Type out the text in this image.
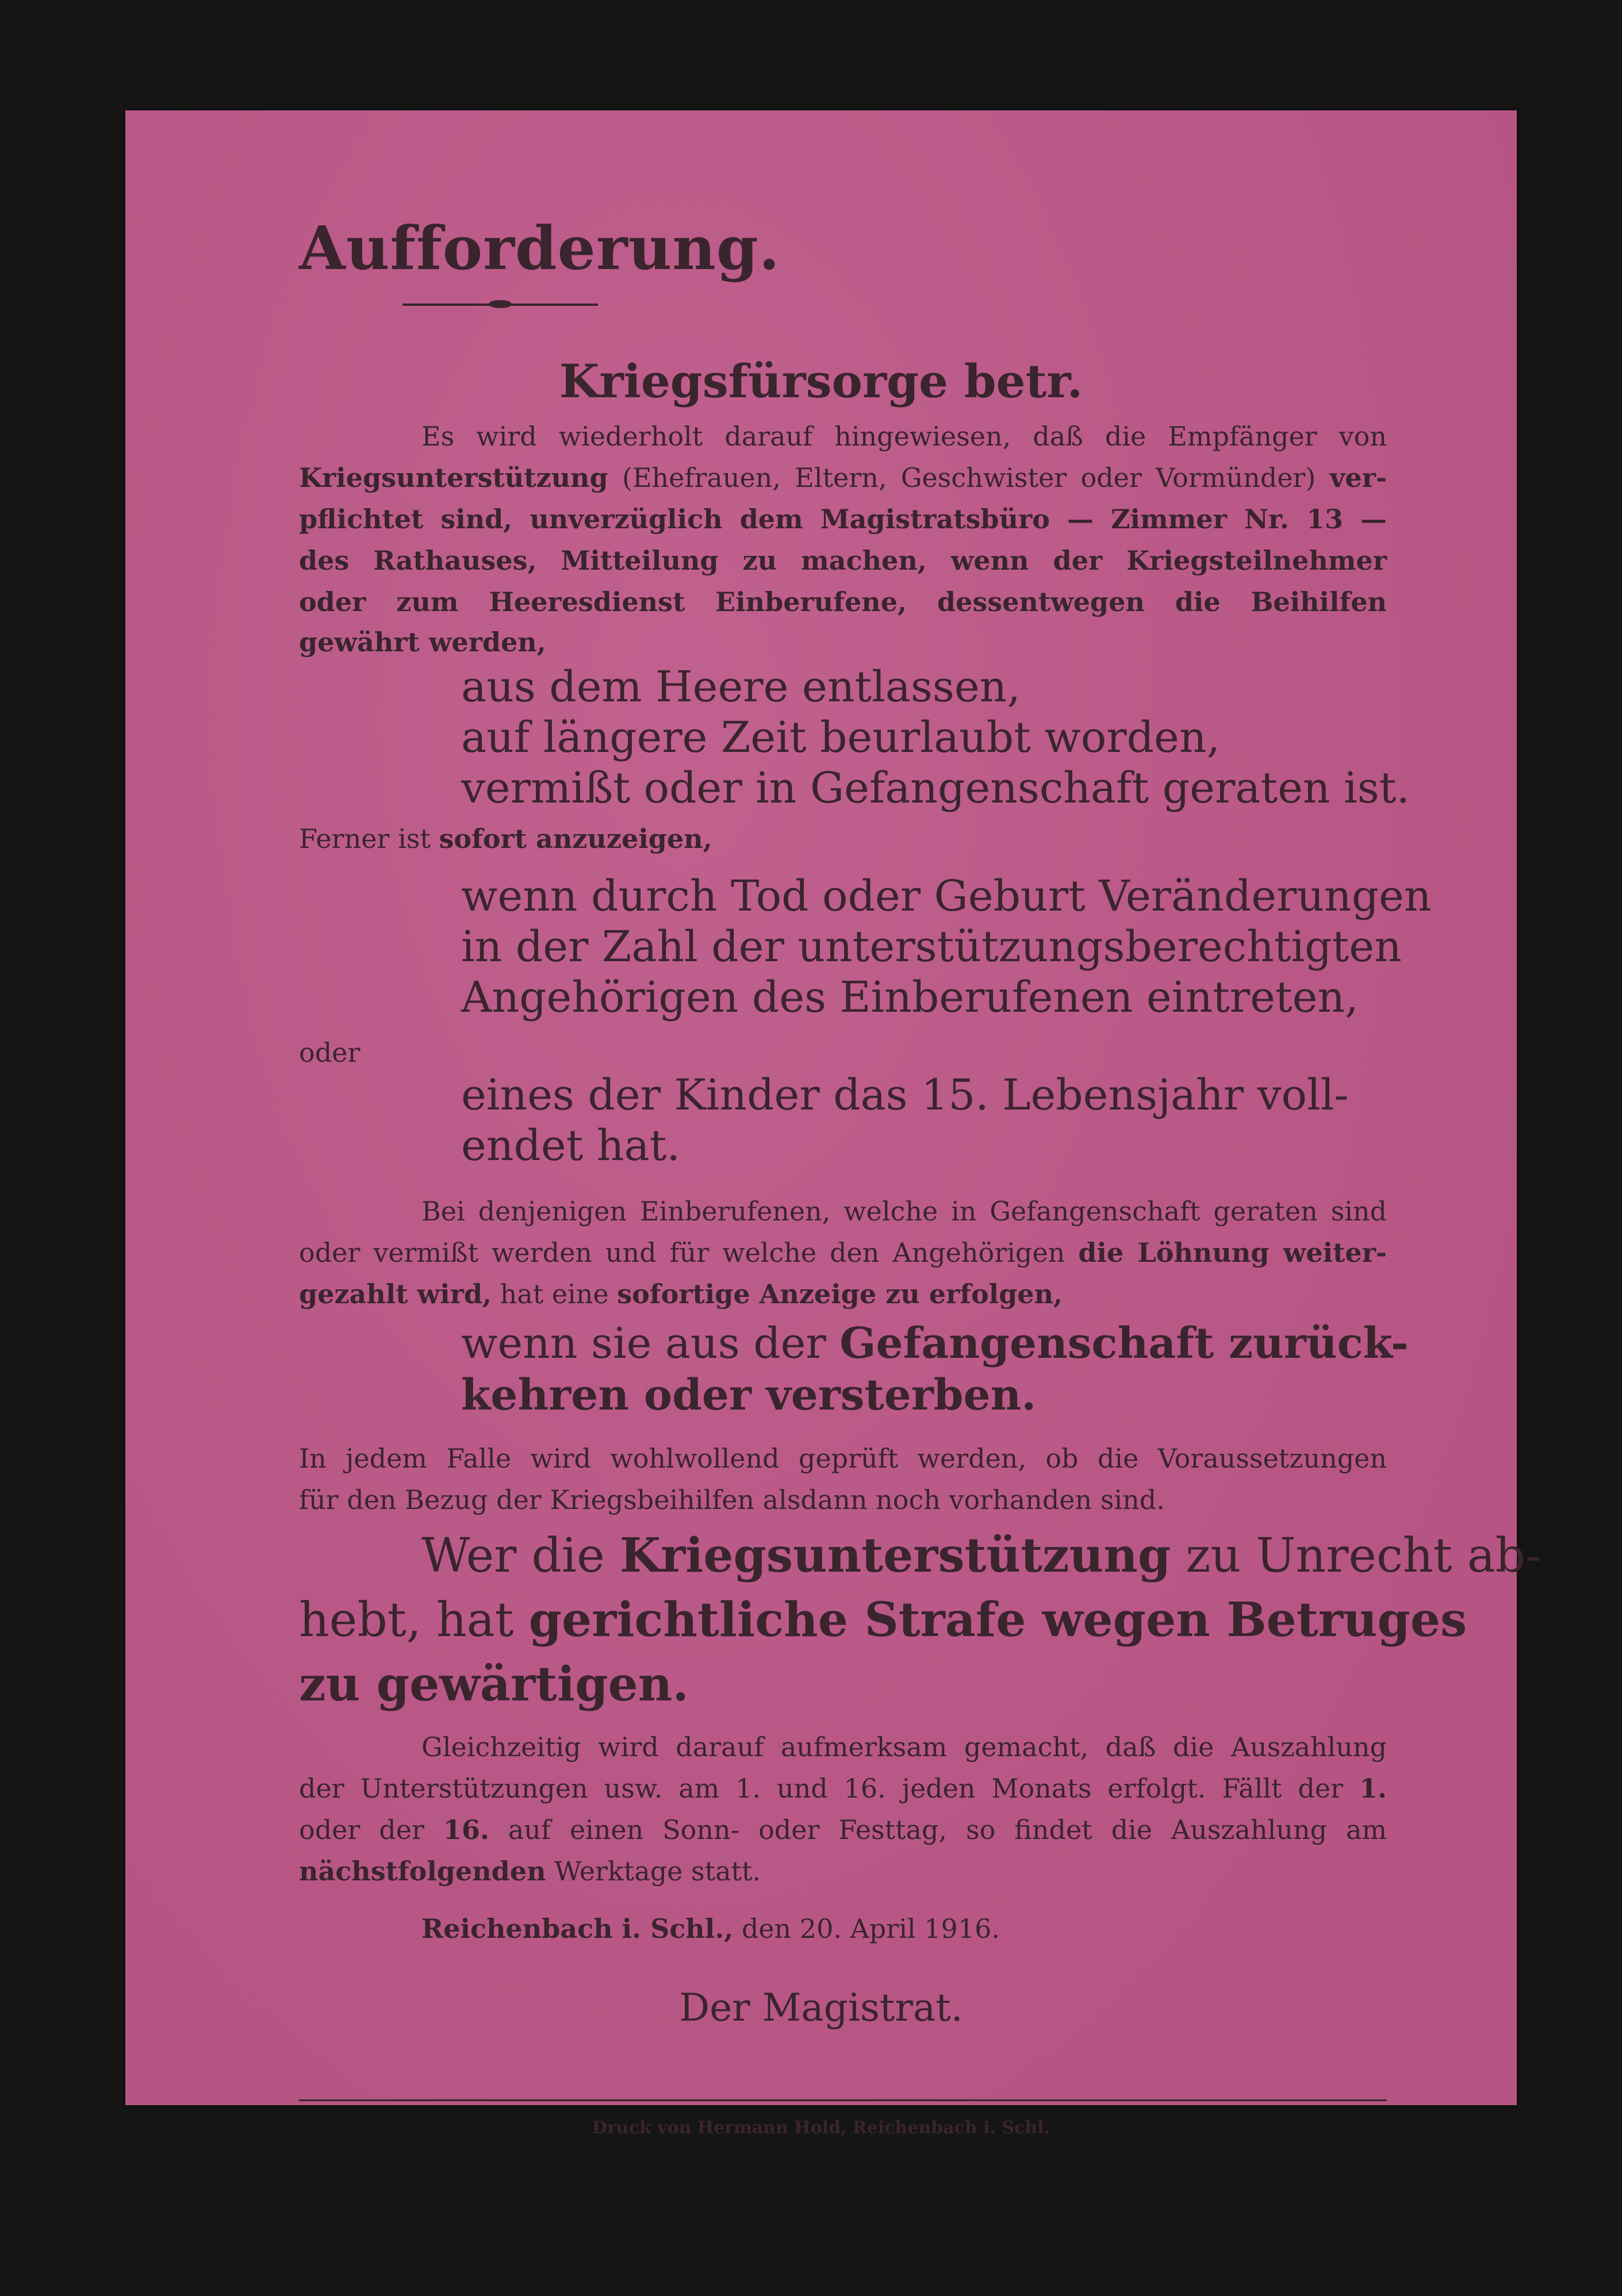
Aufforderung.
Kriegsfürsorge betr.
Es wird wiederholt darauf hingewiesen, daß die Empfänger von
Kriegsunterstützung (Ehefrauen, Eltern, Geschwister oder Vormünder) ver-
pflichtet sind, unverzüglich dem Magistratsbüro — Zimmer Nr. 13 —
des Rathauses, Mitteilung zu machen, wenn der Kriegsteilnehmer
oder zum Heeresdienst Einberufene, dessentwegen die Beihilfen
gewährt werden,
aus dem Heere entlassen,
auf längere Zeit beurlaubt worden,
vermißt oder in Gefangenschaft geraten ist.
Ferner ist sofort anzuzeigen,
wenn durch Tod oder Geburt Veränderungen
in der Zahl der unterstützungsberechtigten
Angehörigen des Einberufenen eintreten,
oder
eines der Kinder das 15. Lebensjahr voll-
endet hat.
Bei denjenigen Einberufenen, welche in Gefangenschaft geraten sind
oder vermißt werden und für welche den Angehörigen die Löhnung weiter-
gezahlt wird, hat eine sofortige Anzeige zu erfolgen,
wenn sie aus der Gefangenschaft zurück-
kehren oder versterben.
In jedem Falle wird wohlwollend geprüft werden, ob die Voraussetzungen
für den Bezug der Kriegsbeihilfen alsdann noch vorhanden sind.
Wer die Kriegsunterstützung zu Unrecht ab-
hebt, hat gerichtliche Strafe wegen Betruges
zu gewärtigen.
Gleichzeitig wird darauf aufmerksam gemacht, daß die Auszahlung
der Unterstützungen usw. am 1. und 16. jeden Monats erfolgt. Fällt der 1.
oder der 16. auf einen Sonn- oder Festtag, so findet die Auszahlung am
nächstfolgenden Werktage statt.
Reichenbach i. Schl., den 20. April 1916.
Der Magistrat.
Druck von Hermann Hold, Reichenbach i. Schl.
